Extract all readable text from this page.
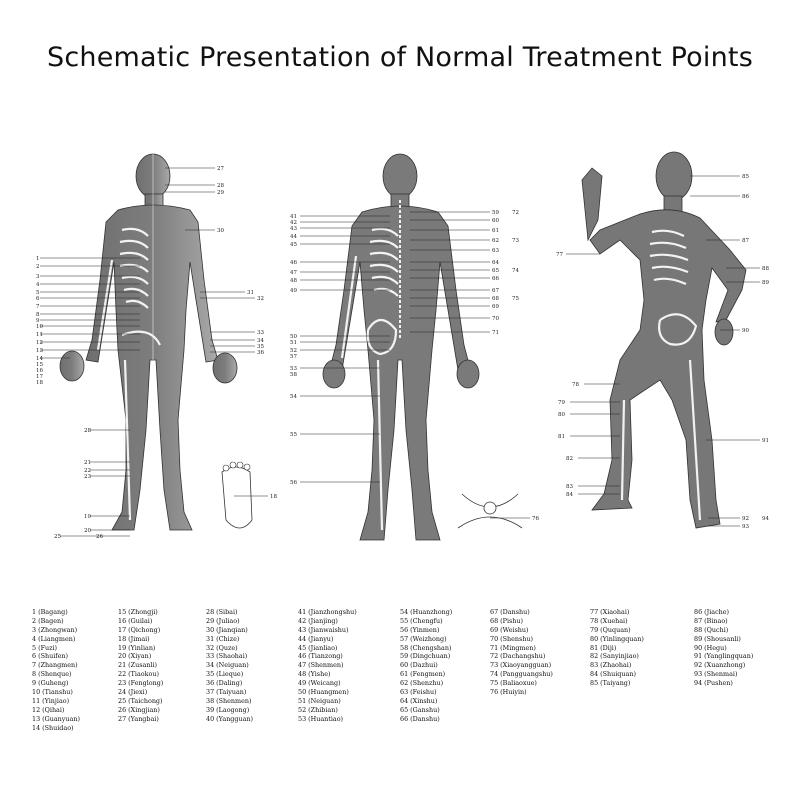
Schematic Presentation of Normal Treatment Points
1
2
3
4
5
6
7
8
9
10
11
12
13
14
15
16
17
18
28
21
22
23
19
20
25	26
27
28
29
30
31
32
33
34
35
36
18
41
42
43
44
45
46
47
48
49
50
51
52
53
54
55
56
57
58
59
60
61
62
63
64
65
66
67
68
69
70
71
72
73
74
75
76
77
78
79
80
81
82
83
84
85
86
87
88
89
90
91
92
93
94
1 (Bagang)
2 (Bagen)
3 (Zhongwan)
4 (Liangmen)
5 (Fuzi)
6 (Shuifen)
7 (Zhangmen)
8 (Shenque)
9 (Guheng)
10 (Tianshu)
11 (Yinjiao)
12 (Qihai)
13 (Guanyuan)
14 (Shuidao)
15 (Zhongji)
16 (Guilai)
17 (Qichong)
18 (Jimai)
19 (Yinlian)
20 (Xiyan)
21 (Zusanli)
22 (Tiaokou)
23 (Fenglong)
24 (Jiexi)
25 (Taichong)
26 (Xingjian)
27 (Yangbai)
28 (Sibai)
29 (Juliao)
30 (Jianqian)
31 (Chize)
32 (Quze)
33 (Shaohai)
34 (Neiguan)
35 (Lieque)
36 (Daling)
37 (Taiyuan)
38 (Shenmen)
39 (Laogong)
40 (Yangguan)
41 (Jianzhongshu)
42 (Jianjing)
43 (Jianwaishu)
44 (Jianyu)
45 (Jianliao)
46 (Tianzong)
47 (Shenmen)
48 (Yishe)
49 (Weicang)
50 (Huangmen)
51 (Neiguan)
52 (Zhibian)
53 (Huantiao)
54 (Huanzhong)
55 (Chengfu)
56 (Yinmen)
57 (Weizhong)
58 (Chengshan)
59 (Dingchuan)
60 (Dazhui)
61 (Fengmen)
62 (Shenzhu)
63 (Feishu)
64 (Xinshu)
65 (Ganshu)
66 (Danshu)
67 (Danshu)
68 (Pishu)
69 (Weishu)
70 (Shenshu)
71 (Mingmen)
72 (Dachangshu)
73 (Xiaoyangguan)
74 (Pangguangshu)
75 (Baliaoxue)
76 (Huiyin)
77 (Xiaohai)
78 (Xuehai)
79 (Ququan)
80 (Yinlingquan)
81 (Diji)
82 (Sanyinjiao)
83 (Zhaohai)
84 (Shuiquan)
85 (Taiyang)
86 (Jiache)
87 (Binao)
88 (Quchi)
89 (Shousanli)
90 (Hegu)
91 (Yanglingquan)
92 (Xuanzhong)
93 (Shenmai)
94 (Pushen)
